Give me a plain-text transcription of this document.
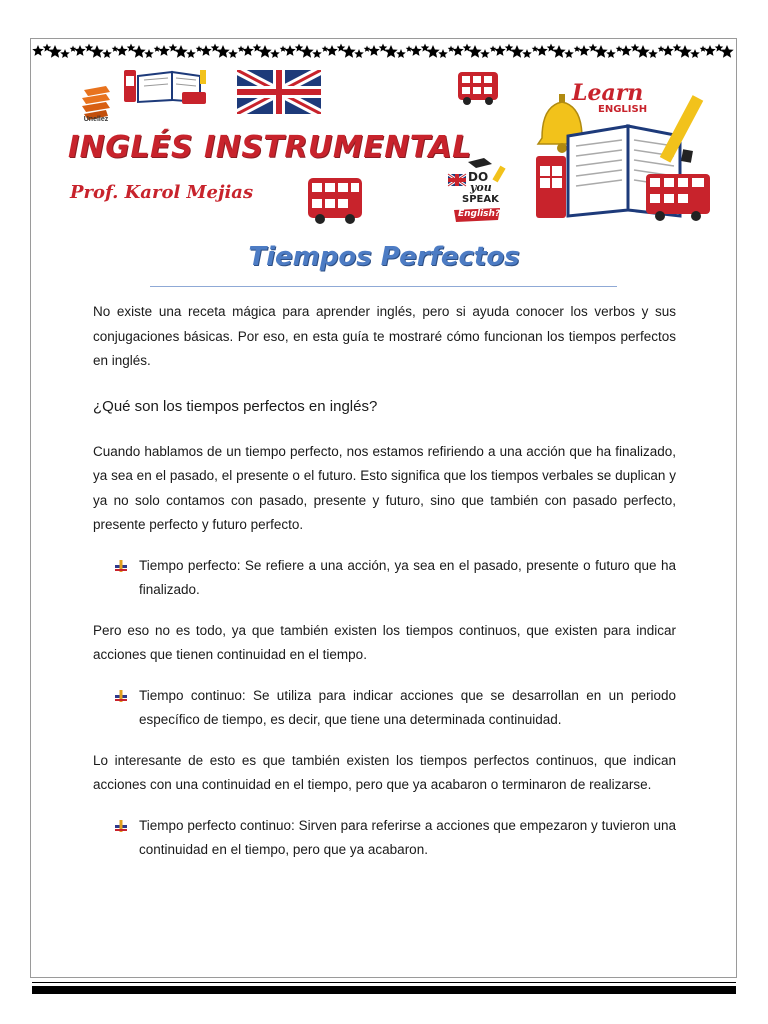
Unellez
DO
you
SPEAK
English?
Learn
ENGLISH
INGLÉS INSTRUMENTAL
Prof. Karol Mejias
Tiempos Perfectos

No existe una receta mágica para aprender inglés, pero si ayuda conocer los verbos y sus conjugaciones básicas. Por eso, en esta guía te mostraré cómo funcionan los tiempos perfectos en inglés.

¿Qué son los tiempos perfectos en inglés?

Cuando hablamos de un tiempo perfecto, nos estamos refiriendo a una acción que ha finalizado, ya sea en el pasado, el presente o el futuro. Esto significa que los tiempos verbales se duplican y ya no solo contamos con pasado, presente y futuro, sino que también con pasado perfecto, presente perfecto y futuro perfecto.

Tiempo perfecto: Se refiere a una acción, ya sea en el pasado, presente o futuro que ha finalizado.

Pero eso no es todo, ya que también existen los tiempos continuos, que existen para indicar acciones que tienen continuidad en el tiempo.

Tiempo continuo: Se utiliza para indicar acciones que se desarrollan en un periodo específico de tiempo, es decir, que tiene una determinada continuidad.

Lo interesante de esto es que también existen los tiempos perfectos continuos, que indican acciones con una continuidad en el tiempo, pero que ya acabaron o terminaron de realizarse.

Tiempo perfecto continuo: Sirven para referirse a acciones que empezaron y tuvieron una continuidad en el tiempo, pero que ya acabaron.
